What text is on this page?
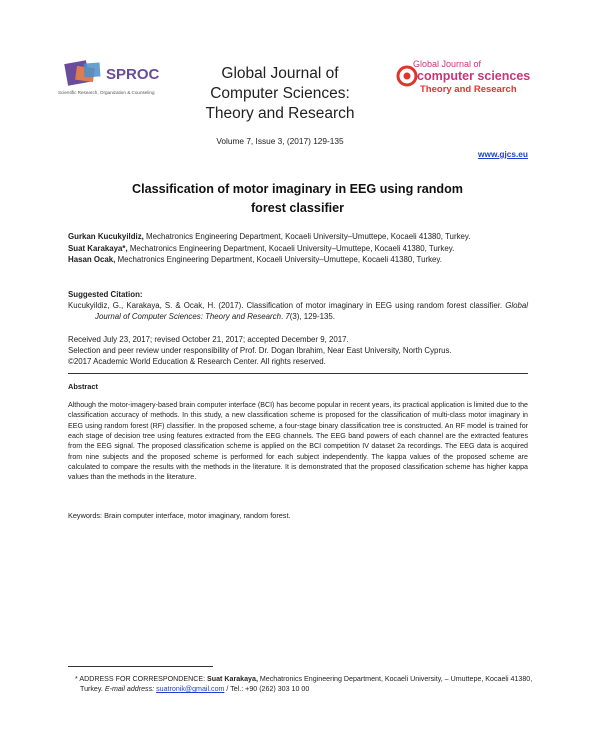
SPROC
Scientific Research, Organization & Counseling
Global Journal of
Computer Sciences:
Theory and Research
Volume 7, Issue 3, (2017) 129-135
Global Journal of
computer sciences
Theory and Research
www.gjcs.eu
Classification of motor imaginary in EEG using random
forest classifier
Gurkan Kucukyildiz, Mechatronics Engineering Department, Kocaeli University–Umuttepe, Kocaeli 41380, Turkey.
Suat Karakaya*, Mechatronics Engineering Department, Kocaeli University–Umuttepe, Kocaeli 41380, Turkey.
Hasan Ocak, Mechatronics Engineering Department, Kocaeli University–Umuttepe, Kocaeli 41380, Turkey.
Suggested Citation:
Kucukyildiz, G., Karakaya, S. & Ocak, H. (2017). Classification of motor imaginary in EEG using random forest classifier. Global Journal of Computer Sciences: Theory and Research. 7(3), 129-135.
Received July 23, 2017; revised October 21, 2017; accepted December 9, 2017.
Selection and peer review under responsibility of Prof. Dr. Dogan Ibrahim, Near East University, North Cyprus.
©2017 Academic World Education & Research Center. All rights reserved.
Abstract
Although the motor-imagery-based brain computer interface (BCI) has become popular in recent years, its practical application is limited due to the classification accuracy of methods. In this study, a new classification scheme is proposed for the classification of multi-class motor imaginary in EEG using random forest (RF) classifier. In the proposed scheme, a four-stage binary classification tree is constructed. An RF model is trained for each stage of decision tree using features extracted from the EEG channels. The EEG band powers of each channel are the extracted features from the EEG signal. The proposed classification scheme is applied on the BCI competition IV dataset 2a recordings. The EEG data is acquired from nine subjects and the proposed scheme is performed for each subject independently. The kappa values of the proposed scheme are calculated to compare the results with the methods in the literature. It is demonstrated that the proposed classification scheme has higher kappa values than the methods in the literature.
Keywords: Brain computer interface, motor imaginary, random forest.
* ADDRESS FOR CORRESPONDENCE: Suat Karakaya, Mechatronics Engineering Department, Kocaeli University, – Umuttepe, Kocaeli 41380, Turkey. E-mail address: suatronik@gmail.com / Tel.: +90 (262) 303 10 00
